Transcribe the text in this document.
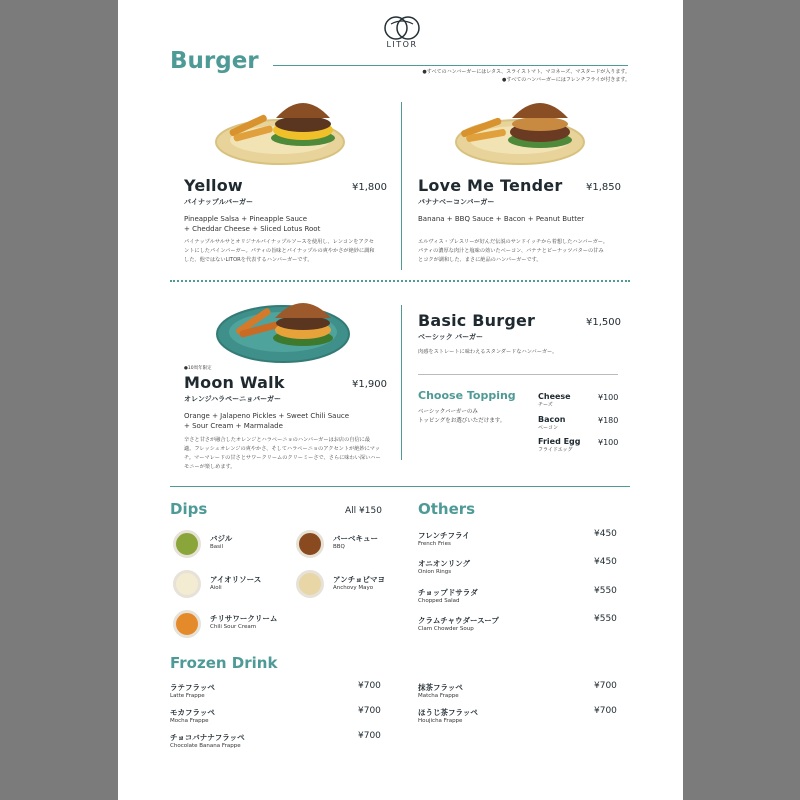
LITOR
Burger	●すべてのハンバーガーにはレタス、スライストマト、マヨネーズ、マスタードが入ります。
●すべてのハンバーガーにはフレンチフライが付きます。
Yellow	¥1,800
パイナップルバーガー
Pineapple Salsa + Pineapple Sauce
+ Cheddar Cheese + Sliced Lotus Root
パイナップルサルサとオリジナルパイナップルソースを使用し、レンコンをアクセ
ントにしたパインバーガー。パティの旨味とパイナップルの爽やかさが絶妙に調和
した、他ではないLITORを代表するハンバーガーです。
Love Me Tender ¥1,850
バナナベーコンバーガー
Banana + BBQ Sauce + Bacon + Peanut Butter
エルヴィス・プレスリーが好んだ伝説のサンドイッチから着想したハンバーガー。
パティの濃厚な肉汁と塩味の効いたベーコン、バナナとピーナッツバターの甘み
とコクが調和した、まさに絶品のハンバーガーです。
●10周年限定
Moon Walk	¥1,900
オレンジハラペーニョバーガー
Orange + Jalapeno Pickles + Sweet Chili Sauce
+ Sour Cream + Marmalade
辛さと甘さが融合したオレンジとハラペーニョのハンバーガーはお店の自信に最
適。フレッシュオレンジの爽やかさ、そしてハラペーニョのアクセントが絶妙にマッ
チ。マーマレードの甘さとサワークリームのクリーミーさで、さらに味わい深いハー
モニーが楽しめます。
Basic Burger	¥1,500
ベーシック バーガー
肉感をストレートに味わえるスタンダードなハンバーガー。
Choose Topping
ベーシックバーガーのみ
トッピングをお選びいただけます。
Cheese
チーズ
¥100
Bacon
ベーコン
¥180
Fried Egg
フライドエッグ
¥100
Dips	All ¥150
バジル
Basil
バーベキュー
BBQ
アイオリソース
Aioli
アンチョビマヨ
Anchovy Mayo
チリサワークリーム
Chili Sour Cream
Others
フレンチフライ
French Fries
¥450
オニオンリング
Onion Rings
¥450
チョップドサラダ
Chopped Salad
¥550
クラムチャウダースープ
Clam Chowder Soup
¥550
Frozen Drink
ラテフラッペ
Latte Frappe
¥700
モカフラッペ
Mocha Frappe
¥700
チョコバナナフラッペ
Chocolate Banana Frappe
¥700
抹茶フラッペ
Matcha Frappe
¥700
ほうじ茶フラッペ
Houjicha Frappe
¥700
